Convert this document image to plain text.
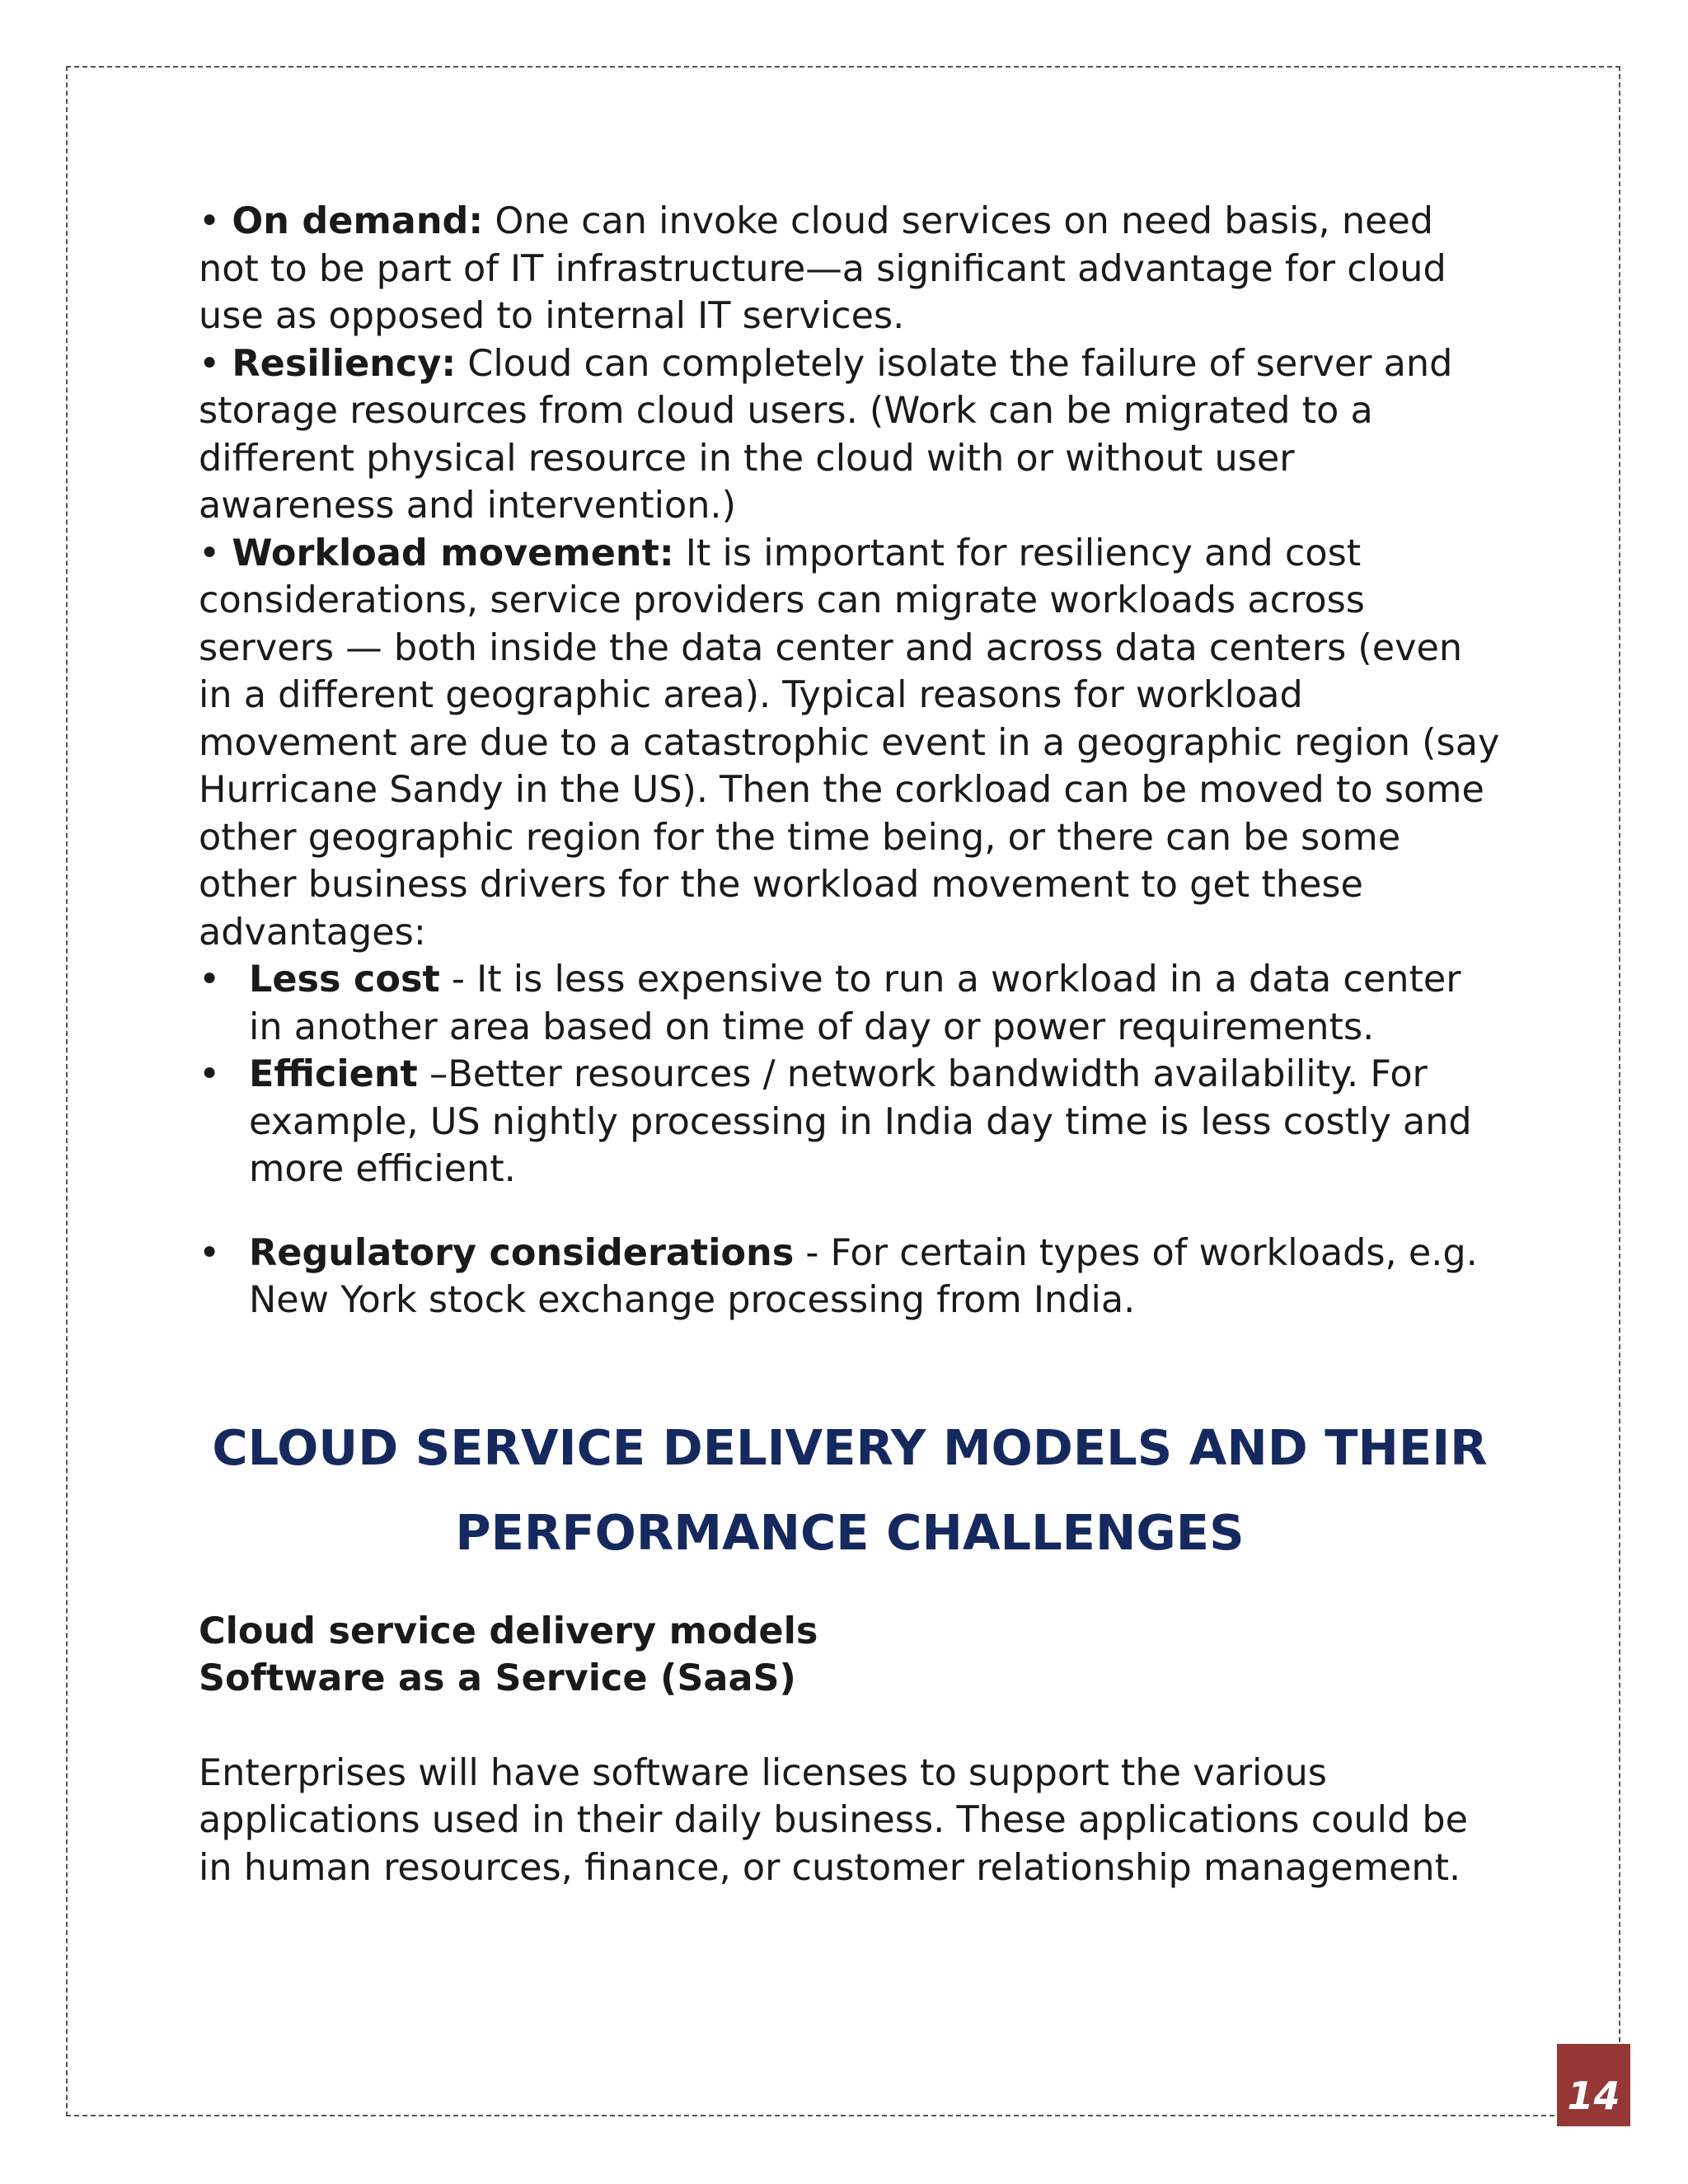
• On demand: One can invoke cloud services on need basis, need not to be part of IT infrastructure—a significant advantage for cloud use as opposed to internal IT services.

• Resiliency: Cloud can completely isolate the failure of server and storage resources from cloud users. (Work can be migrated to a different physical resource in the cloud with or without user awareness and intervention.)

• Workload movement: It is important for resiliency and cost considerations, service providers can migrate workloads across servers — both inside the data center and across data centers (even in a different geographic area). Typical reasons for workload movement are due to a catastrophic event in a geographic region (say Hurricane Sandy in the US). Then the corkload can be moved to some other geographic region for the time being, or there can be some other business drivers for the workload movement to get these advantages:

• Less cost - It is less expensive to run a workload in a data center in another area based on time of day or power requirements.
• Efficient –Better resources / network bandwidth availability. For example, US nightly processing in India day time is less costly and more efficient.
• Regulatory considerations - For certain types of workloads, e.g. New York stock exchange processing from India.
CLOUD SERVICE DELIVERY MODELS AND THEIR
PERFORMANCE CHALLENGES

Cloud service delivery models

Software as a Service (SaaS)

Enterprises will have software licenses to support the various applications used in their daily business. These applications could be in human resources, finance, or customer relationship management.

14
